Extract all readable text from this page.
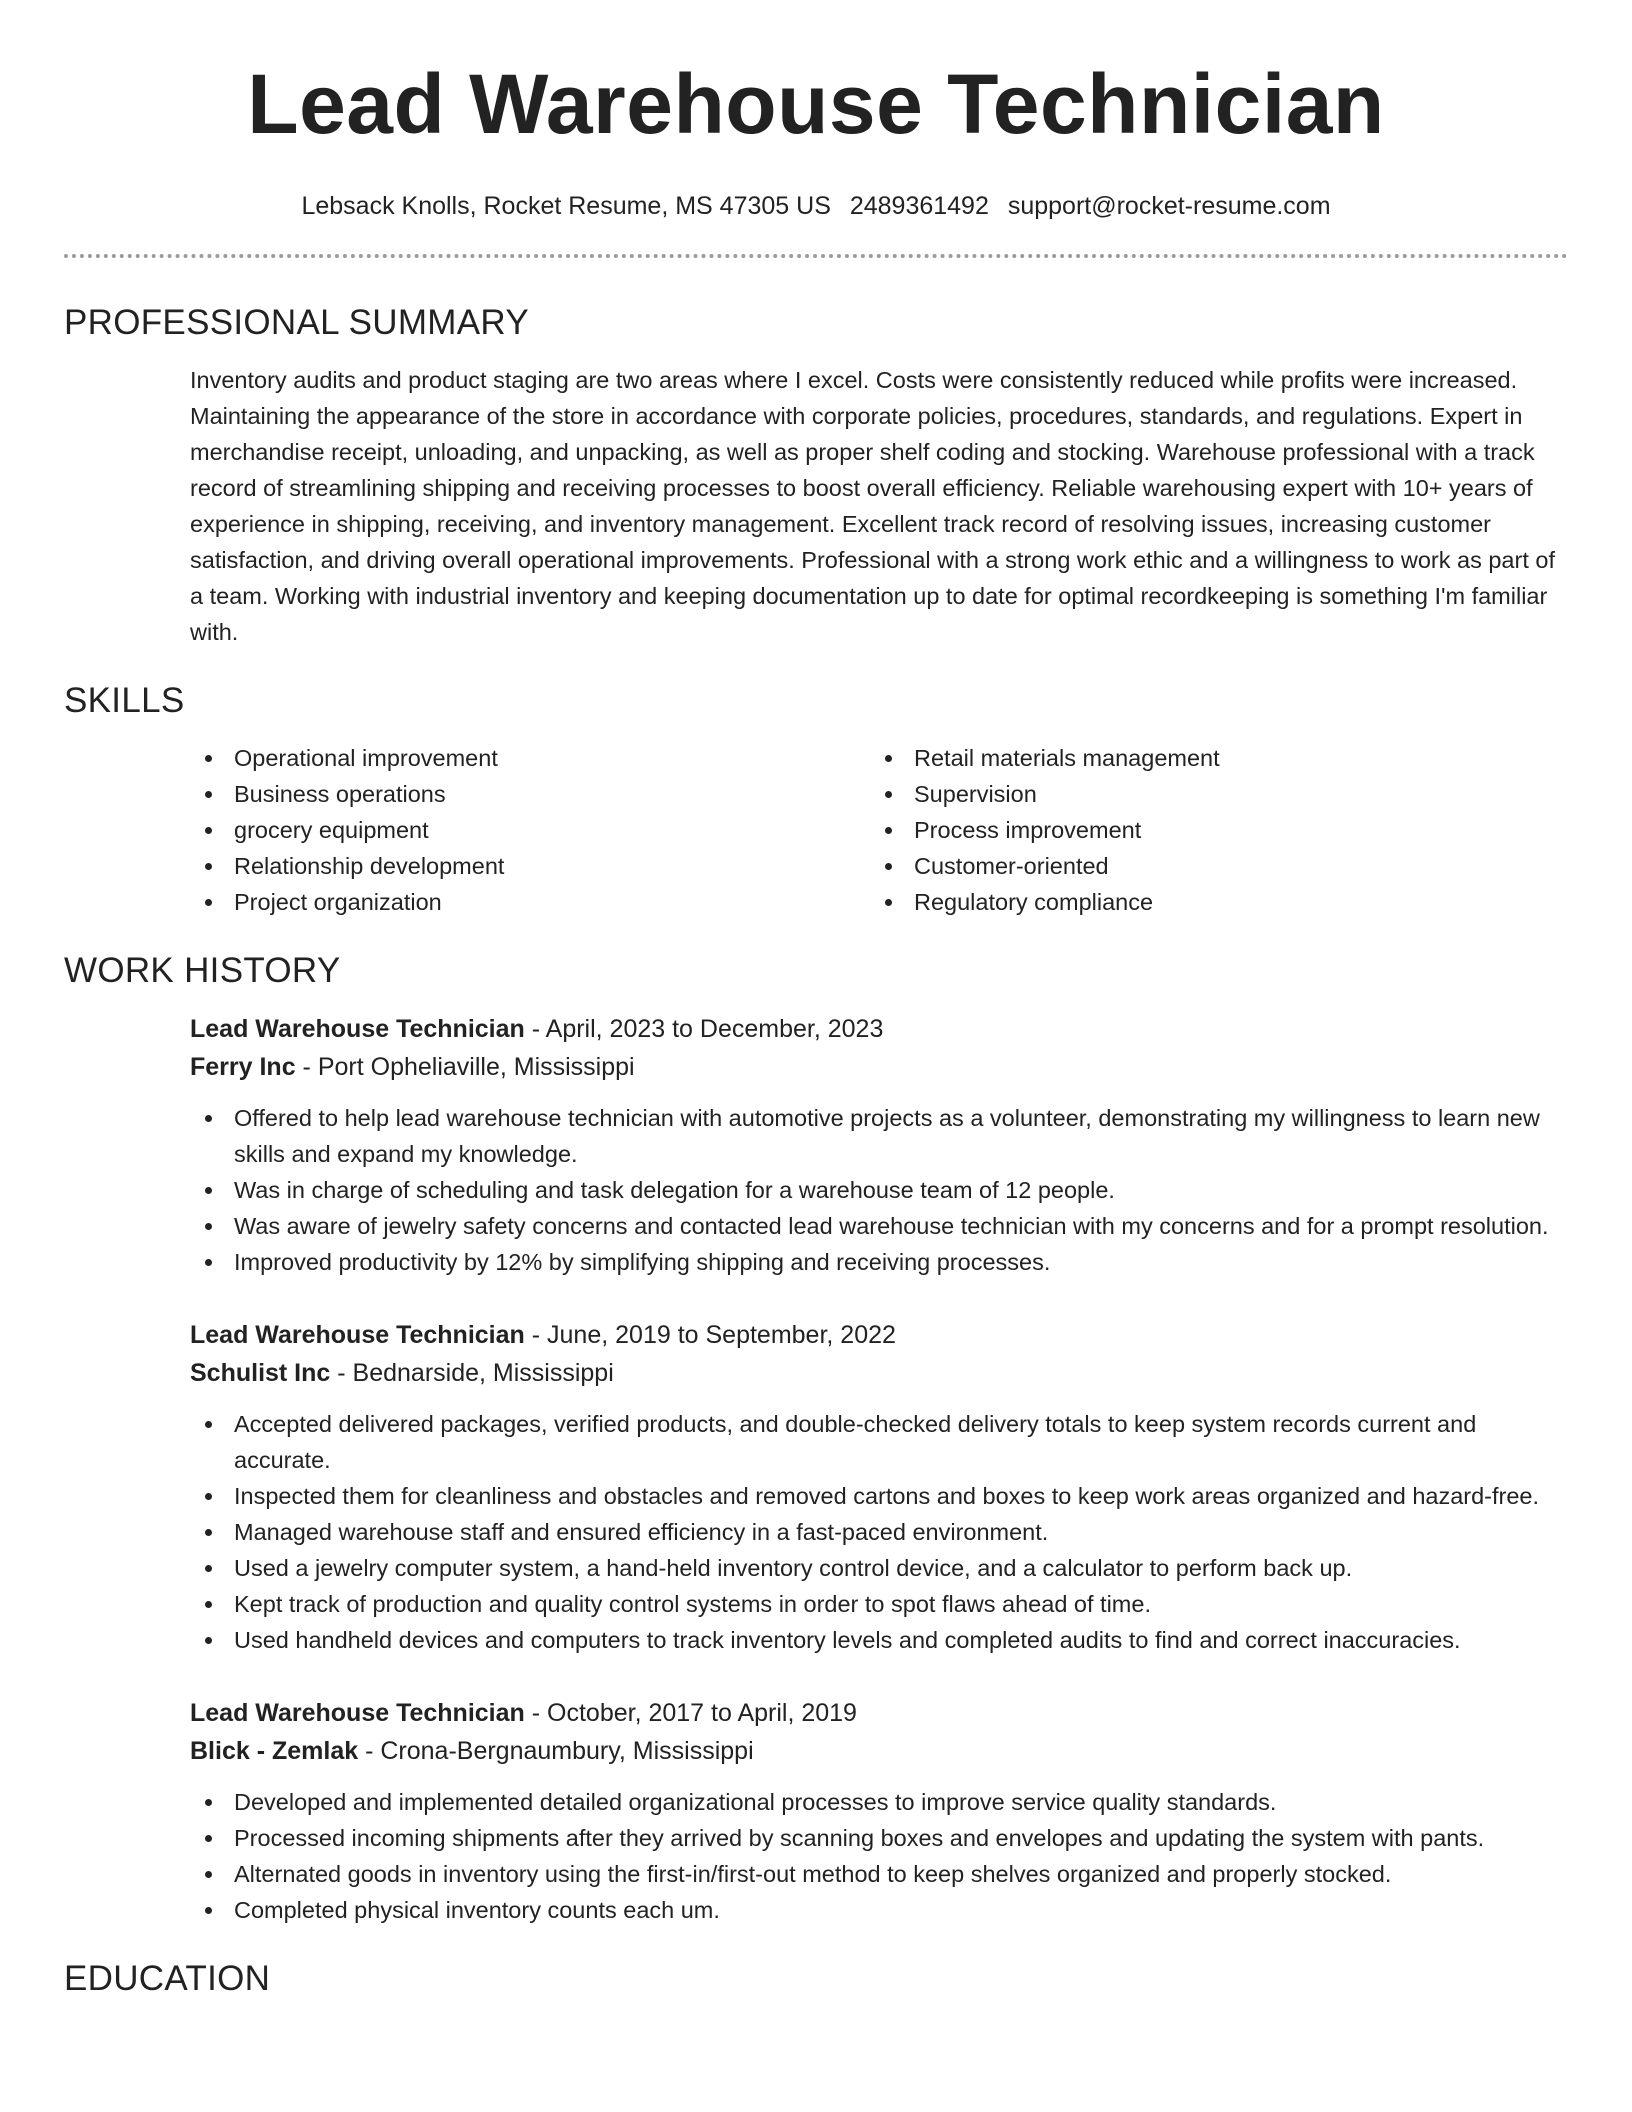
Lead Warehouse Technician
Lebsack Knolls, Rocket Resume, MS 47305 US 2489361492 support@rocket-resume.com
PROFESSIONAL SUMMARY

Inventory audits and product staging are two areas where I excel. Costs were consistently reduced while profits were increased. Maintaining the appearance of the store in accordance with corporate policies, procedures, standards, and regulations. Expert in merchandise receipt, unloading, and unpacking, as well as proper shelf coding and stocking. Warehouse professional with a track record of streamlining shipping and receiving processes to boost overall efficiency. Reliable warehousing expert with 10+ years of experience in shipping, receiving, and inventory management. Excellent track record of resolving issues, increasing customer satisfaction, and driving overall operational improvements. Professional with a strong work ethic and a willingness to work as part of a team. Working with industrial inventory and keeping documentation up to date for optimal recordkeeping is something I'm familiar with.

SKILLS
Operational improvement
Business operations
grocery equipment
Relationship development
Project organization
Retail materials management
Supervision
Process improvement
Customer-oriented
Regulatory compliance
WORK HISTORY
Lead Warehouse Technician - April, 2023 to December, 2023
Ferry Inc - Port Opheliaville, Mississippi
Offered to help lead warehouse technician with automotive projects as a volunteer, demonstrating my willingness to learn new skills and expand my knowledge.
Was in charge of scheduling and task delegation for a warehouse team of 12 people.
Was aware of jewelry safety concerns and contacted lead warehouse technician with my concerns and for a prompt resolution.
Improved productivity by 12% by simplifying shipping and receiving processes.
Lead Warehouse Technician - June, 2019 to September, 2022
Schulist Inc - Bednarside, Mississippi
Accepted delivered packages, verified products, and double-checked delivery totals to keep system records current and accurate.
Inspected them for cleanliness and obstacles and removed cartons and boxes to keep work areas organized and hazard-free.
Managed warehouse staff and ensured efficiency in a fast-paced environment.
Used a jewelry computer system, a hand-held inventory control device, and a calculator to perform back up.
Kept track of production and quality control systems in order to spot flaws ahead of time.
Used handheld devices and computers to track inventory levels and completed audits to find and correct inaccuracies.
Lead Warehouse Technician - October, 2017 to April, 2019
Blick - Zemlak - Crona-Bergnaumbury, Mississippi
Developed and implemented detailed organizational processes to improve service quality standards.
Processed incoming shipments after they arrived by scanning boxes and envelopes and updating the system with pants.
Alternated goods in inventory using the first-in/first-out method to keep shelves organized and properly stocked.
Completed physical inventory counts each um.
EDUCATION
